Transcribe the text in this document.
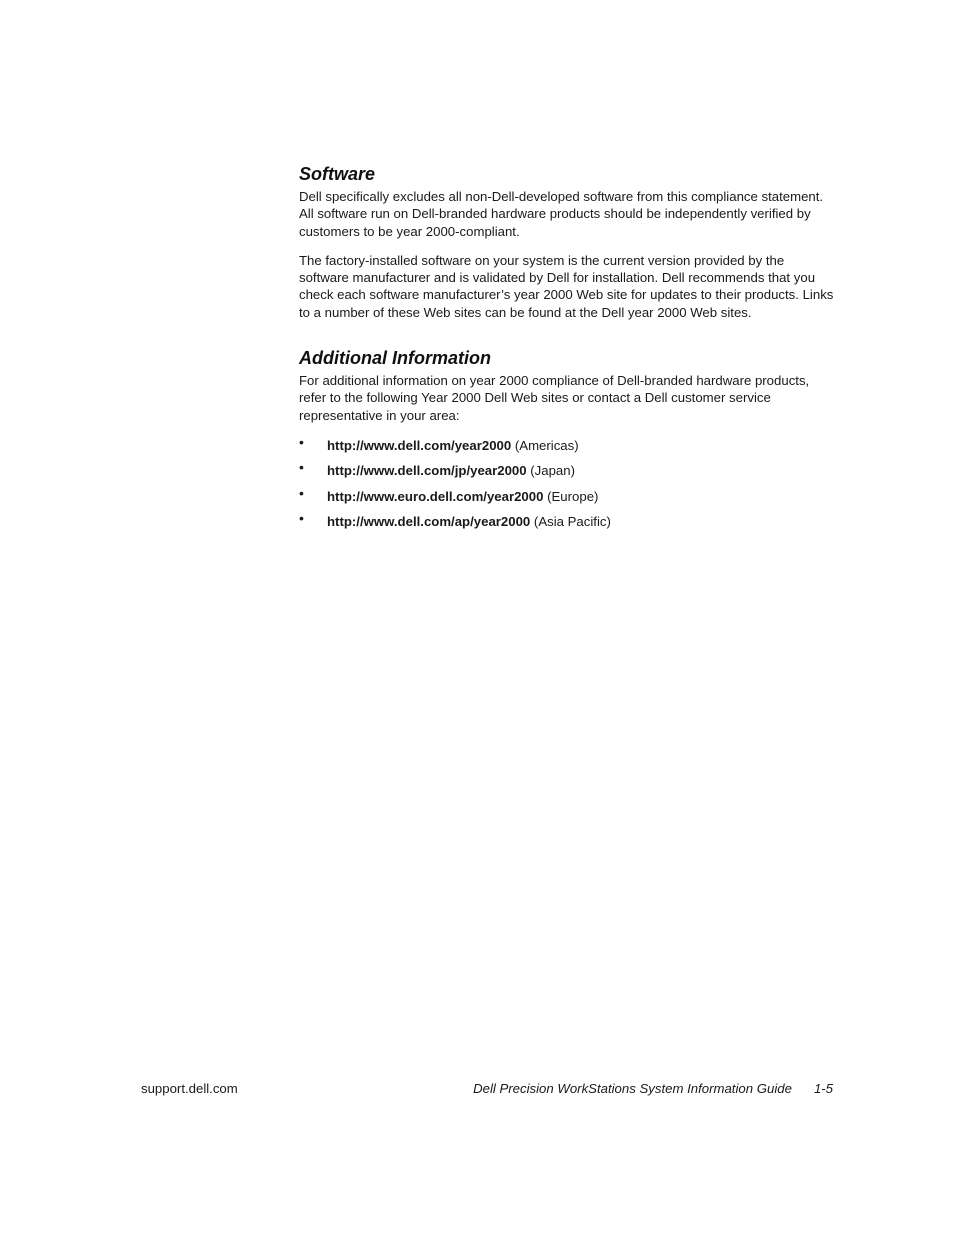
Software

Dell specifically excludes all non-Dell-developed software from this compliance statement. All software run on Dell-branded hardware products should be independently verified by customers to be year 2000-compliant.

The factory-installed software on your system is the current version provided by the software manufacturer and is validated by Dell for installation. Dell recommends that you check each software manufacturer’s year 2000 Web site for updates to their products. Links to a number of these Web sites can be found at the Dell year 2000 Web sites.

Additional Information

For additional information on year 2000 compliance of Dell-branded hardware products, refer to the following Year 2000 Dell Web sites or contact a Dell customer service representative in your area:

• http://www.dell.com/year2000 (Americas)
• http://www.dell.com/jp/year2000 (Japan)
• http://www.euro.dell.com/year2000 (Europe)
• http://www.dell.com/ap/year2000 (Asia Pacific)
support.dell.com	Dell Precision WorkStations System Information Guide 1-5
